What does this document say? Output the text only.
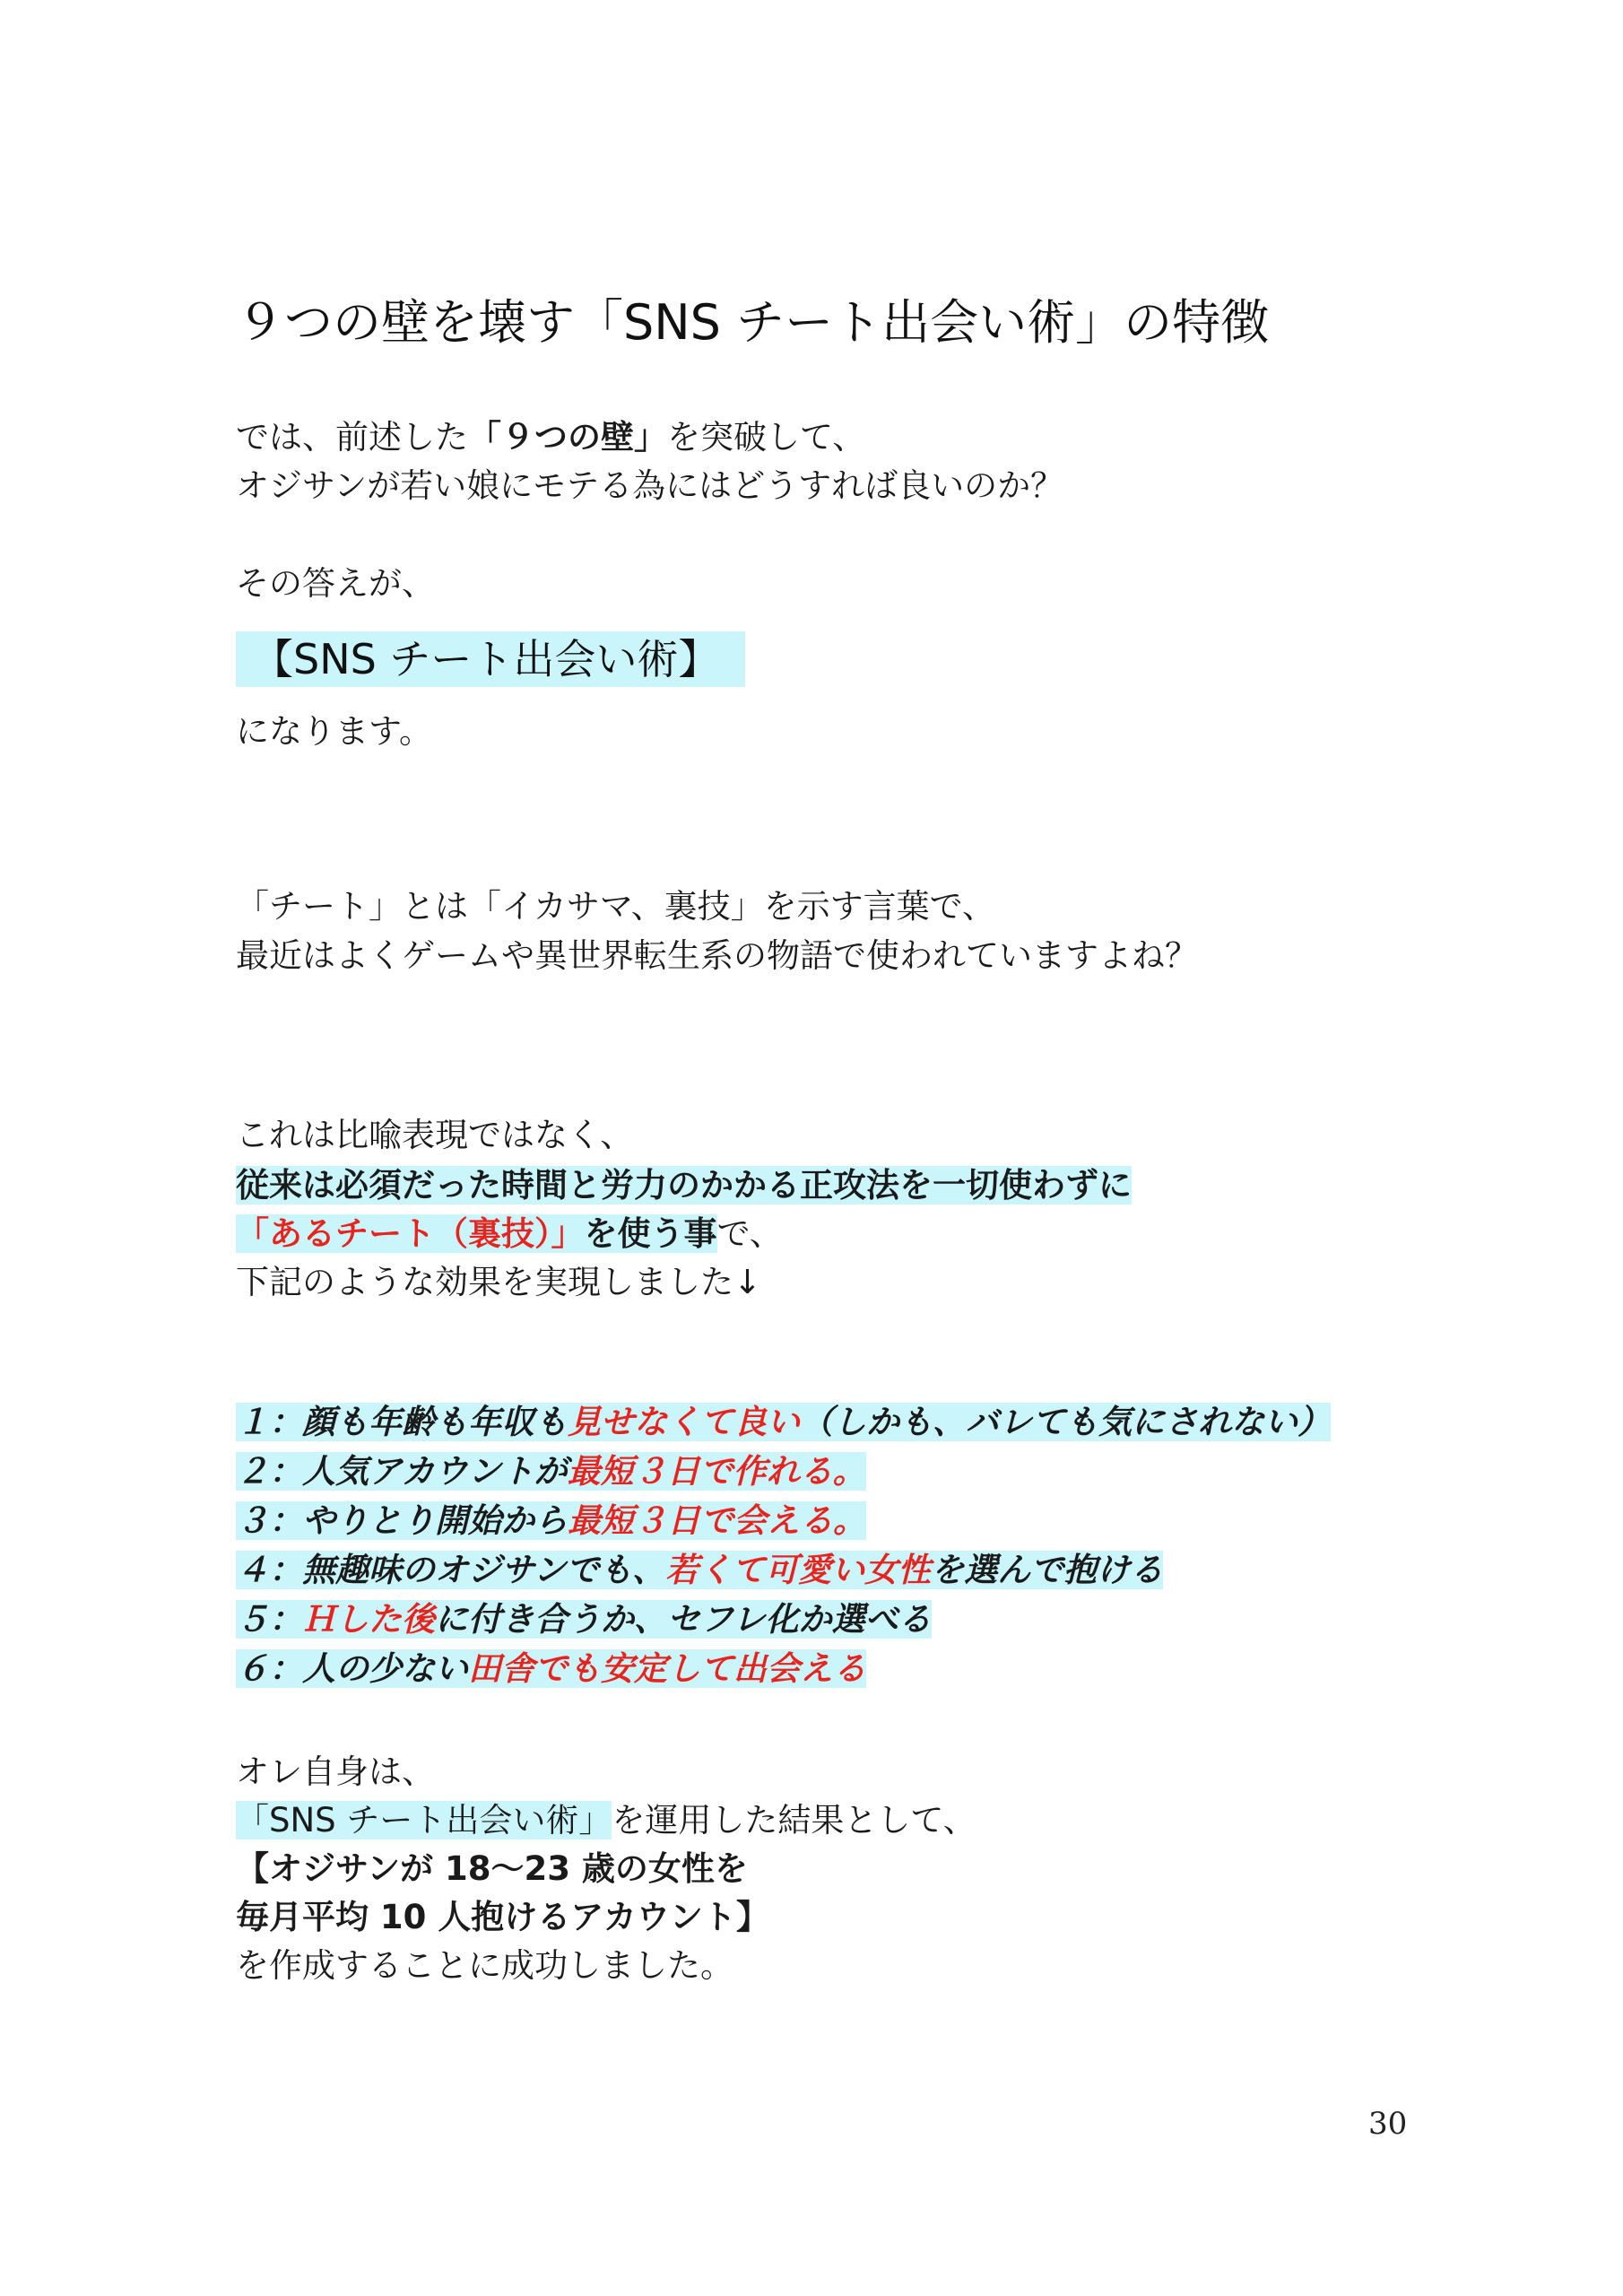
９つの壁を壊す「SNS チート出会い術」の特徴
では、前述した「９つの壁」を突破して、
オジサンが若い娘にモテる為にはどうすれば良いのか？
その答えが、
【SNS チート出会い術】
になります。
「チート」とは「イカサマ、裏技」を示す言葉で、
最近はよくゲームや異世界転生系の物語で使われていますよね？
これは比喩表現ではなく、
従来は必須だった時間と労力のかかる正攻法を一切使わずに
「あるチート（裏技）」を使う事で、
下記のような効果を実現しました↓
１：顔も年齢も年収も見せなくて良い（しかも、バレても気にされない）
２：人気アカウントが最短３日で作れる。
３：やりとり開始から最短３日で会える。
４：無趣味のオジサンでも、若くて可愛い女性を選んで抱ける
５：Ｈした後に付き合うか、セフレ化か選べる
６：人の少ない田舎でも安定して出会える
オレ自身は、
「SNS チート出会い術」を運用した結果として、
【オジサンが 18〜23 歳の女性を
毎月平均 10 人抱けるアカウント】
を作成することに成功しました。
30
